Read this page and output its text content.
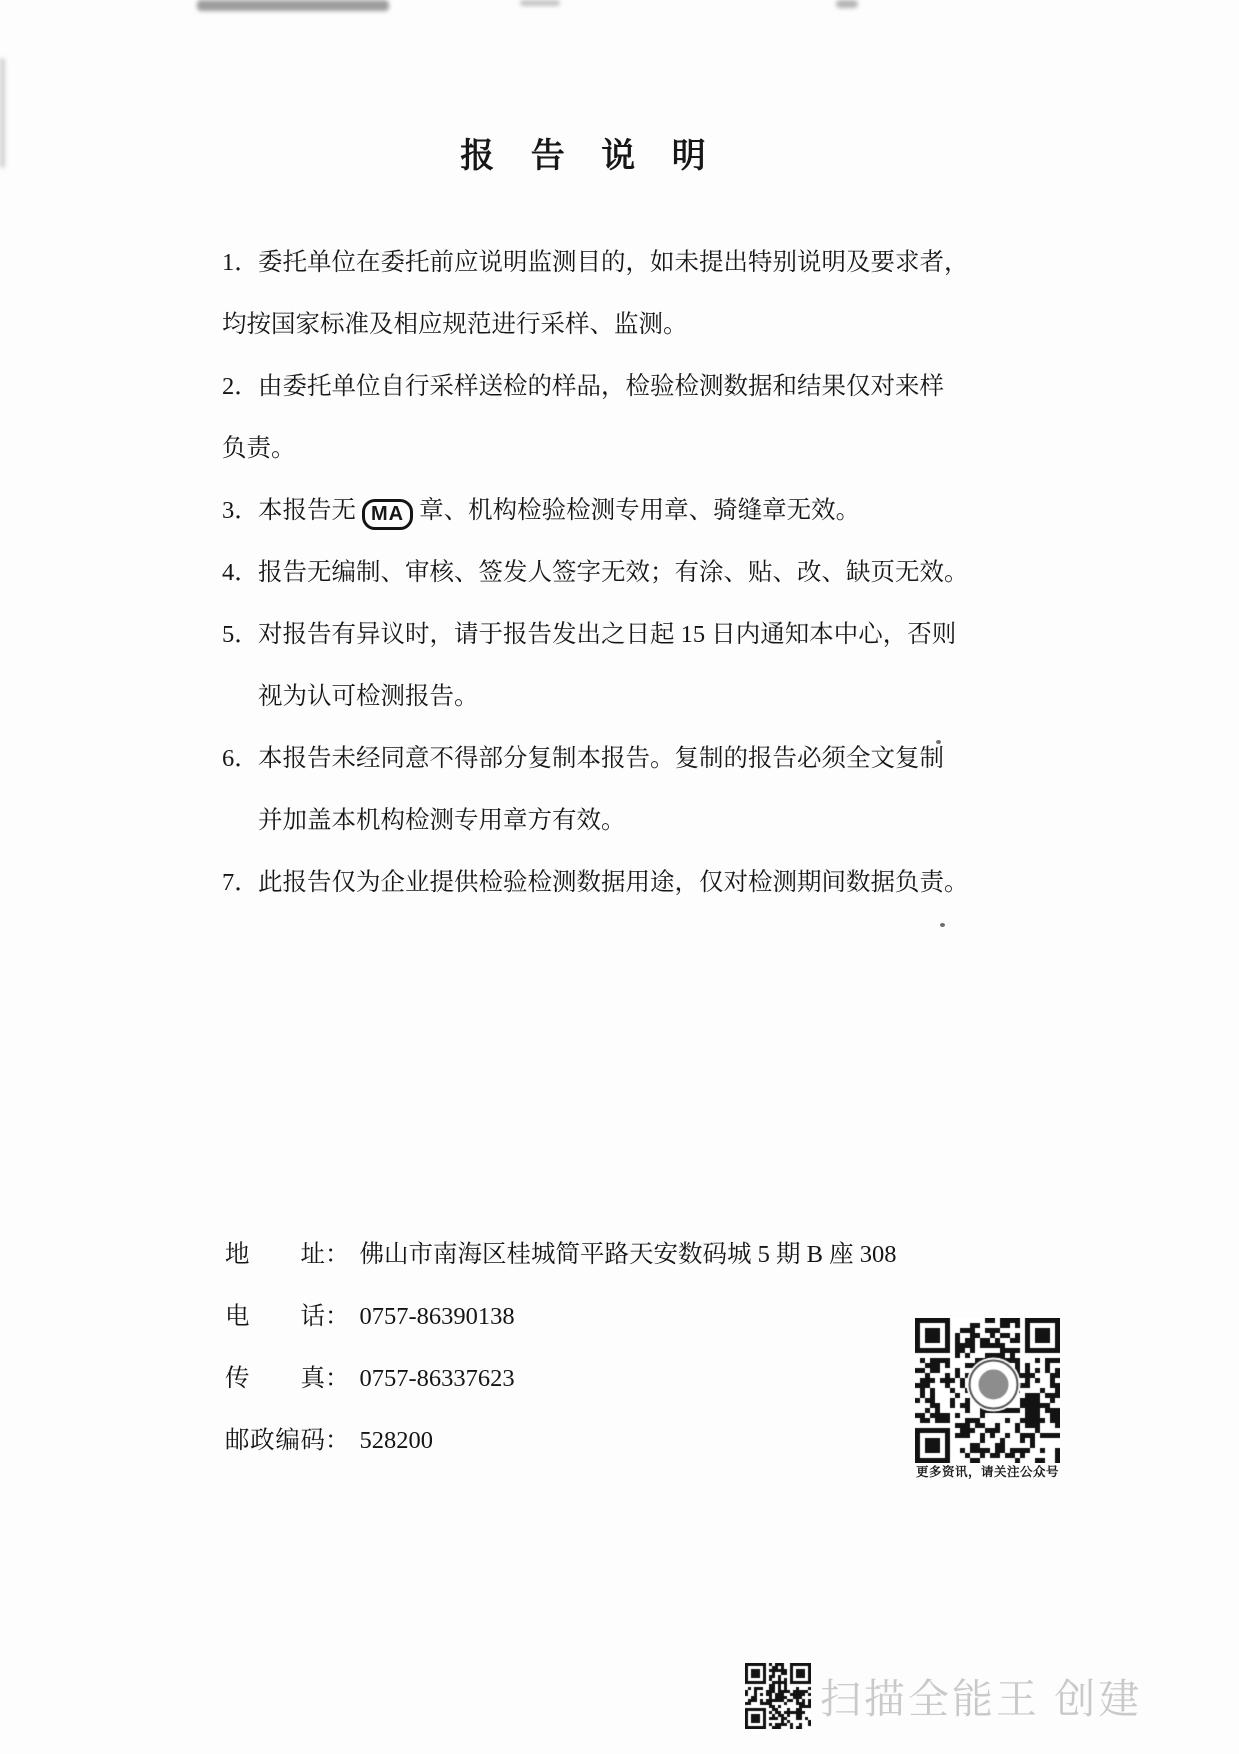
报 告 说 明
1． 委托单位在委托前应说明监测目的，如未提出特别说明及要求者，
均按国家标准及相应规范进行采样、监测。
2． 由委托单位自行采样送检的样品，检验检测数据和结果仅对来样
负责。
3． 本报告无 MA 章、机构检验检测专用章、骑缝章无效。
4． 报告无编制、审核、签发人签字无效；有涂、贴、改、缺页无效。
5． 对报告有异议时，请于报告发出之日起 15 日内通知本中心，否则
视为认可检测报告。
6． 本报告未经同意不得部分复制本报告。复制的报告必须全文复制
并加盖本机构检测专用章方有效。
7． 此报告仅为企业提供检验检测数据用途，仅对检测期间数据负责。
地址 ： 佛山市南海区桂城简平路天安数码城 5 期 B 座 308
电话 ： 0757-86390138
传真 ： 0757-86337623
邮政编码 ： 528200
更多资讯，请关注公众号
扫描全能王 创建
